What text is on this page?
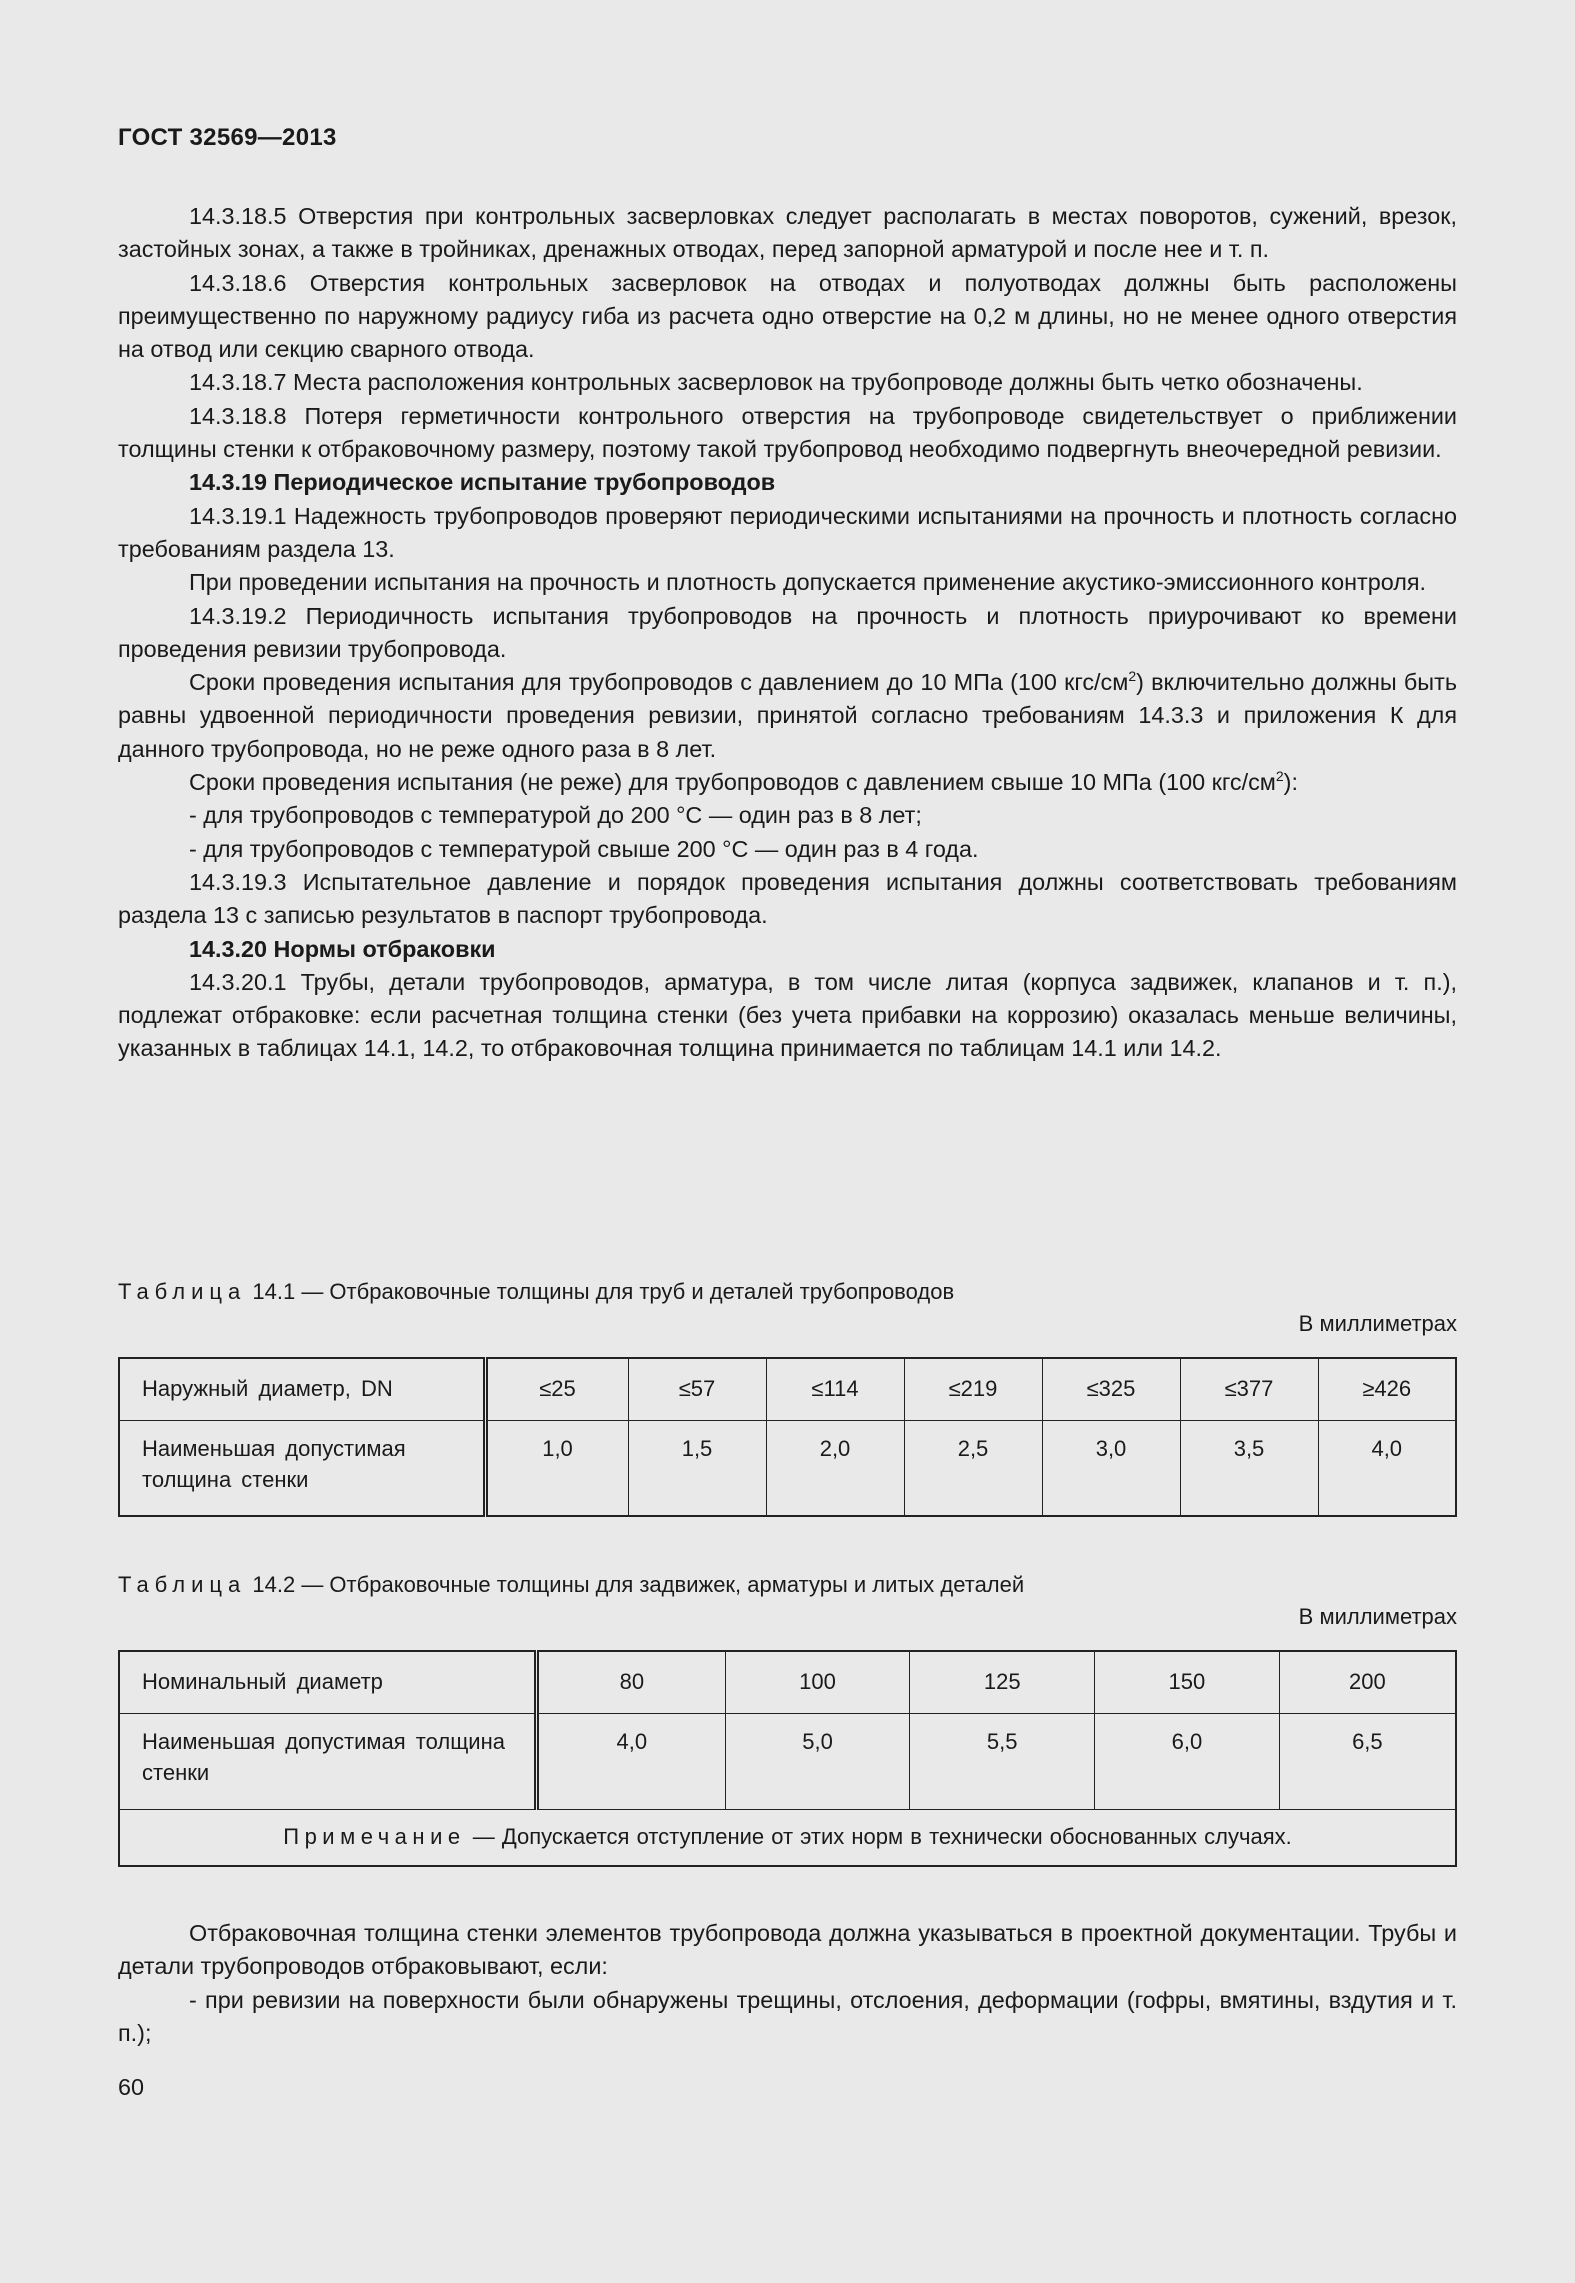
ГОСТ 32569—2013

14.3.18.5 Отверстия при контрольных засверловках следует располагать в местах поворотов, сужений, врезок, застойных зонах, а также в тройниках, дренажных отводах, перед запорной арматурой и после нее и т. п.

14.3.18.6 Отверстия контрольных засверловок на отводах и полуотводах должны быть расположены преимущественно по наружному радиусу гиба из расчета одно отверстие на 0,2 м длины, но не менее одного отверстия на отвод или секцию сварного отвода.

14.3.18.7 Места расположения контрольных засверловок на трубопроводе должны быть четко обозначены.

14.3.18.8 Потеря герметичности контрольного отверстия на трубопроводе свидетельствует о приближении толщины стенки к отбраковочному размеру, поэтому такой трубопровод необходимо подвергнуть внеочередной ревизии.

14.3.19 Периодическое испытание трубопроводов

14.3.19.1 Надежность трубопроводов проверяют периодическими испытаниями на прочность и плотность согласно требованиям раздела 13.

При проведении испытания на прочность и плотность допускается применение акустико-эмиссионного контроля.

14.3.19.2 Периодичность испытания трубопроводов на прочность и плотность приурочивают ко времени проведения ревизии трубопровода.

Сроки проведения испытания для трубопроводов с давлением до 10 МПа (100 кгс/$см^2$) включительно должны быть равны удвоенной периодичности проведения ревизии, принятой согласно требованиям 14.3.3 и приложения К для данного трубопровода, но не реже одного раза в 8 лет.

Сроки проведения испытания (не реже) для трубопроводов с давлением свыше 10 МПа (100 кгс/$см^2$):

- для трубопроводов с температурой до 200 °С — один раз в 8 лет;

- для трубопроводов с температурой свыше 200 °С — один раз в 4 года.

14.3.19.3 Испытательное давление и порядок проведения испытания должны соответствовать требованиям раздела 13 с записью результатов в паспорт трубопровода.

14.3.20 Нормы отбраковки

14.3.20.1 Трубы, детали трубопроводов, арматура, в том числе литая (корпуса задвижек, клапанов и т. п.), подлежат отбраковке: если расчетная толщина стенки (без учета прибавки на коррозию) оказалась меньше величины, указанных в таблицах 14.1, 14.2, то отбраковочная толщина принимается по таблицам 14.1 или 14.2.

Таблица 14.1 — Отбраковочные толщины для труб и деталей трубопроводов
В миллиметрах
Наружный диаметр, DN	≤25	≤57	≤114	≤219	≤325	≤377	≥426
Наименьшая допустимая толщина стенки	1,0	1,5	2,0	2,5	3,0	3,5	4,0
Таблица 14.2 — Отбраковочные толщины для задвижек, арматуры и литых деталей
В миллиметрах
Номинальный диаметр	80	100	125	150	200
Наименьшая допустимая толщина стенки	4,0	5,0	5,5	6,0	6,5
Примечание — Допускается отступление от этих норм в технически обоснованных случаях.					

Отбраковочная толщина стенки элементов трубопровода должна указываться в проектной документации. Трубы и детали трубопроводов отбраковывают, если:

- при ревизии на поверхности были обнаружены трещины, отслоения, деформации (гофры, вмятины, вздутия и т. п.);

60
